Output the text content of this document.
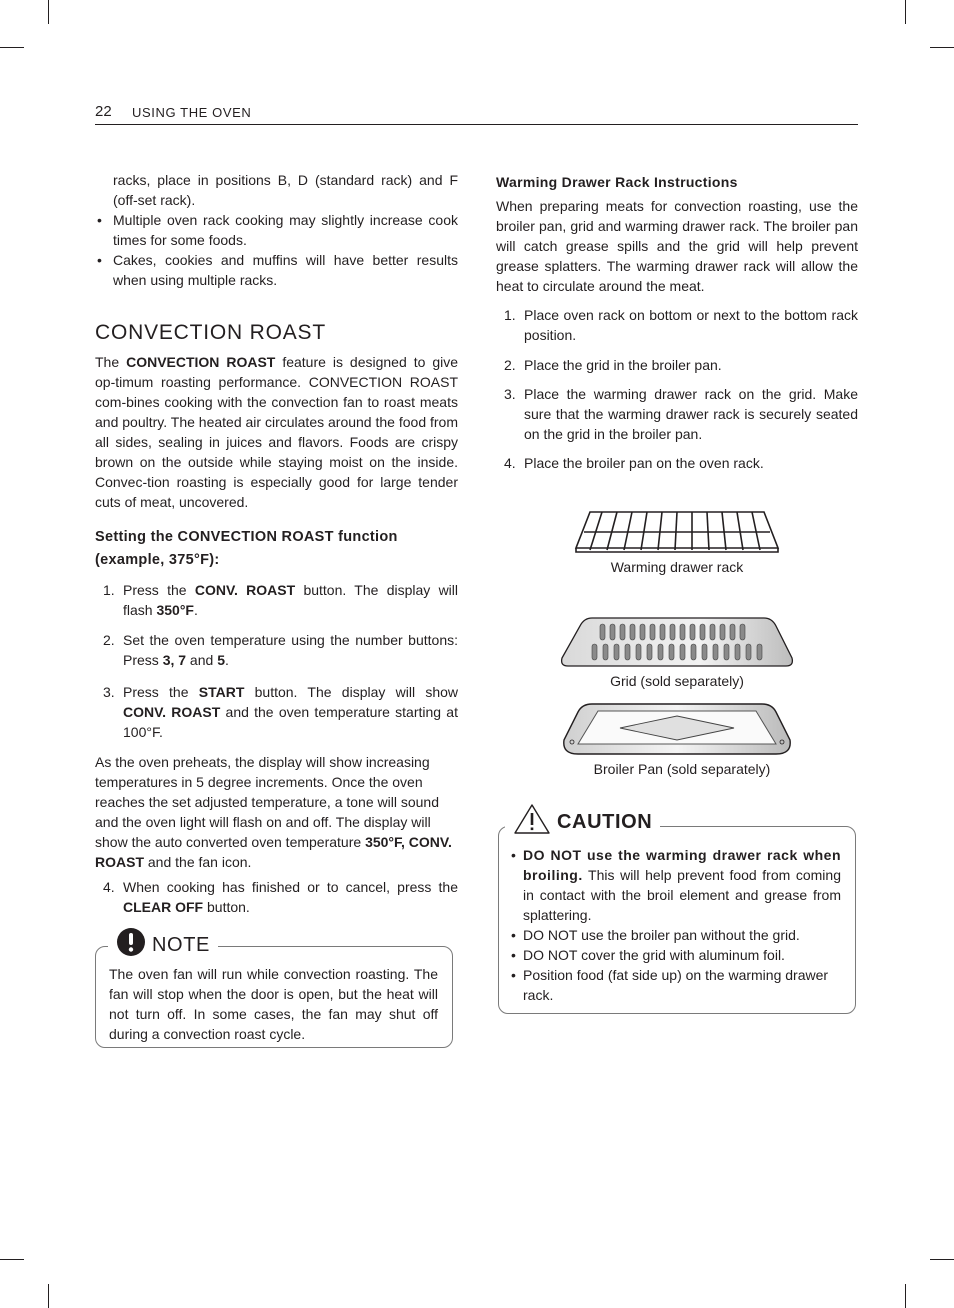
22 USING THE OVEN

racks, place in positions B, D (standard rack) and F (off-set rack).

• Multiple oven rack cooking may slightly increase cook times for some foods.
• Cakes, cookies and muffins will have better results when using multiple racks.
CONVECTION ROAST

The CONVECTION ROAST feature is designed to give op-timum roasting performance. CONVECTION ROAST com-bines cooking with the convection fan to roast meats and poultry. The heated air circulates around the food from all sides, sealing in juices and flavors. Foods are crispy brown on the outside while staying moist on the inside. Convec-tion roasting is especially good for large tender cuts of meat, uncovered.

Setting the CONVECTION ROAST function
(example, 375°F):
1. Press the CONV. ROAST button. The display will flash 350°F.
2. Set the oven temperature using the number buttons: Press 3, 7 and 5.
3. Press the START button. The display will show CONV. ROAST and the oven temperature starting at 100°F.

As the oven preheats, the display will show increasing temperatures in 5 degree increments. Once the oven reaches the set adjusted temperature, a tone will sound and the oven light will flash on and off. The display will show the auto converted oven temperature 350°F, CONV. ROAST and the fan icon.

4. When cooking has finished or to cancel, press the CLEAR OFF button.
NOTE

The oven fan will run while convection roasting. The fan will stop when the door is open, but the heat will not turn off. In some cases, the fan may shut off during a convection roast cycle.

Warming Drawer Rack Instructions

When preparing meats for convection roasting, use the broiler pan, grid and warming drawer rack. The broiler pan will catch grease spills and the grid will help prevent grease splatters. The warming drawer rack will allow the heat to circulate around the meat.

1. Place oven rack on bottom or next to the bottom rack position.
2. Place the grid in the broiler pan.
3. Place the warming drawer rack on the grid. Make sure that the warming drawer rack is securely seated on the grid in the broiler pan.
4. Place the broiler pan on the oven rack.
Warming drawer rack
Grid (sold separately)
Broiler Pan (sold separately)
CAUTION
• DO NOT use the warming drawer rack when broiling. This will help prevent food from coming in contact with the broil element and grease from splattering.
• DO NOT use the broiler pan without the grid.
• DO NOT cover the grid with aluminum foil.
• Position food (fat side up) on the warming drawer rack.
